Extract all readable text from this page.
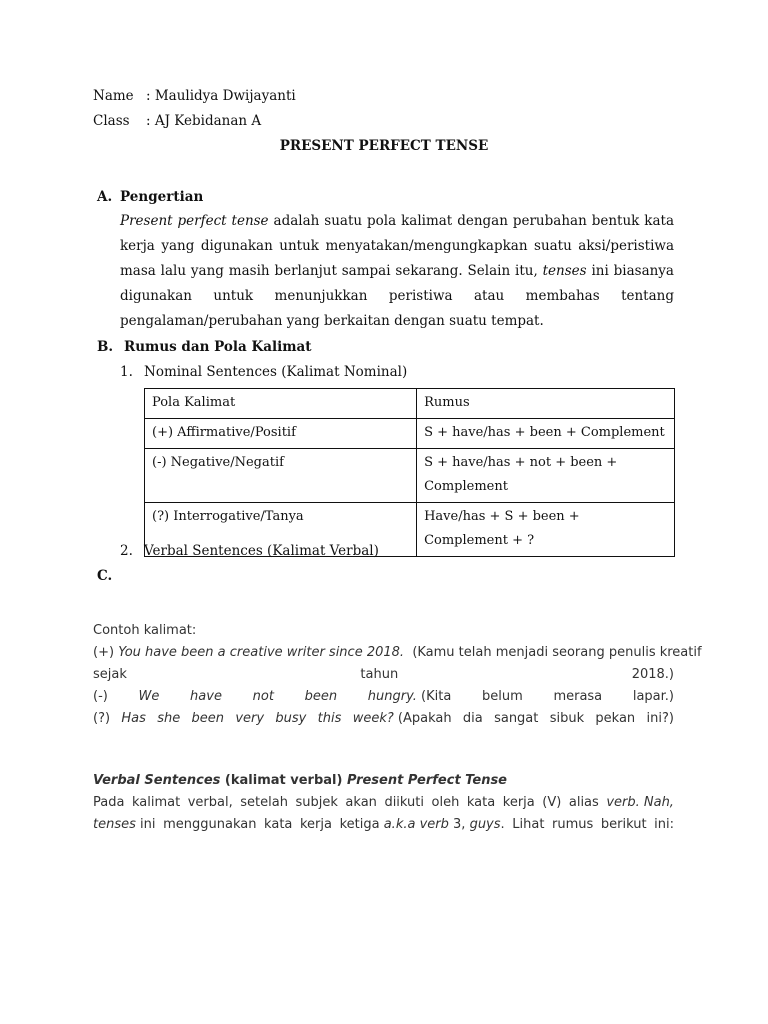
Name : Maulidya Dwijayanti
Class : AJ Kebidanan A
PRESENT PERFECT TENSE
A. Pengertian
Present perfect tense adalah suatu pola kalimat dengan perubahan bentuk kata kerja yang digunakan untuk menyatakan/mengungkapkan suatu aksi/peristiwa masa lalu yang masih berlanjut sampai sekarang. Selain itu, tenses ini biasanya digunakan untuk menunjukkan peristiwa atau membahas tentang pengalaman/perubahan yang berkaitan dengan suatu tempat.
B. Rumus dan Pola Kalimat
1. Nominal Sentences (Kalimat Nominal)
Pola Kalimat	Rumus
(+) Affirmative/Positif	S + have/has + been + Complement
(-) Negative/Negatif	S + have/has + not + been + Complement
(?) Interrogative/Tanya	Have/has + S + been + Complement + ?
2. Verbal Sentences (Kalimat Verbal)
C.
Contoh kalimat:
(+) You have been a creative writer since 2018. (Kamu telah menjadi seorang penulis kreatif
sejak	tahun	2018.)
(-) We have not been hungry. (Kita belum merasa lapar.)
(?) Has she been very busy this week? (Apakah dia sangat sibuk pekan ini?)
Verbal Sentences (kalimat verbal) Present Perfect Tense
Pada kalimat verbal, setelah subjek akan diikuti oleh kata kerja (V) alias verb. Nah,
tenses ini menggunakan kata kerja ketiga a.k.a verb 3, guys. Lihat rumus berikut ini:
